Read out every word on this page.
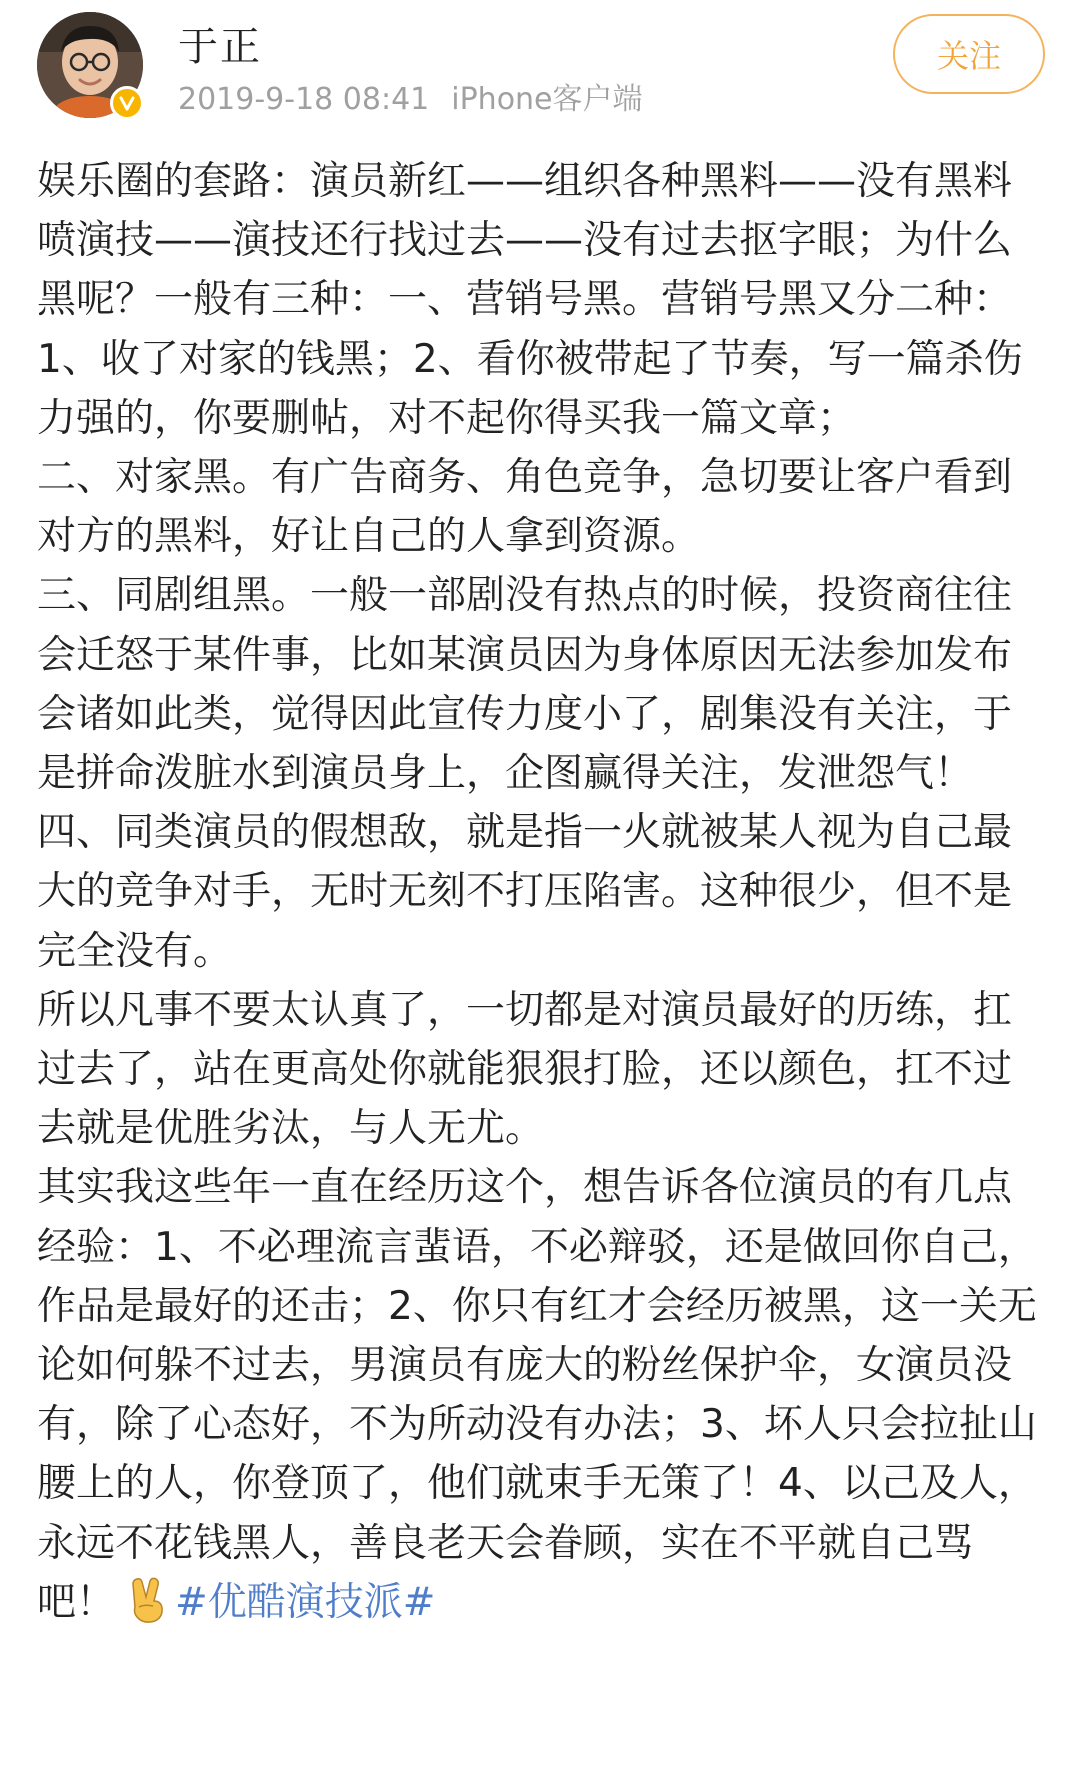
于正
2019-9-18 08:41 iPhone客户端
关注

娱乐圈的套路：演员新红——组织各种黑料——没有黑料喷演技——演技还行找过去——没有过去抠字眼；为什么黑呢？一般有三种：一、营销号黑。营销号黑又分二种：1、收了对家的钱黑；2、看你被带起了节奏，写一篇杀伤力强的，你要删帖，对不起你得买我一篇文章；

二、对家黑。有广告商务、角色竞争，急切要让客户看到对方的黑料，好让自己的人拿到资源。

三、同剧组黑。一般一部剧没有热点的时候，投资商往往会迁怒于某件事，比如某演员因为身体原因无法参加发布会诸如此类，觉得因此宣传力度小了，剧集没有关注，于是拼命泼脏水到演员身上，企图赢得关注，发泄怨气！

四、同类演员的假想敌，就是指一火就被某人视为自己最大的竞争对手，无时无刻不打压陷害。这种很少，但不是完全没有。

所以凡事不要太认真了，一切都是对演员最好的历练，扛过去了，站在更高处你就能狠狠打脸，还以颜色，扛不过去就是优胜劣汰，与人无尤。

其实我这些年一直在经历这个，想告诉各位演员的有几点经验：1、不必理流言蜚语，不必辩驳，还是做回你自己，作品是最好的还击；2、你只有红才会经历被黑，这一关无论如何躲不过去，男演员有庞大的粉丝保护伞，女演员没有，除了心态好，不为所动没有办法；3、坏人只会拉扯山腰上的人，你登顶了，他们就束手无策了！4、以己及人，永远不花钱黑人，善良老天会眷顾，实在不平就自己骂吧！ #优酷演技派#
